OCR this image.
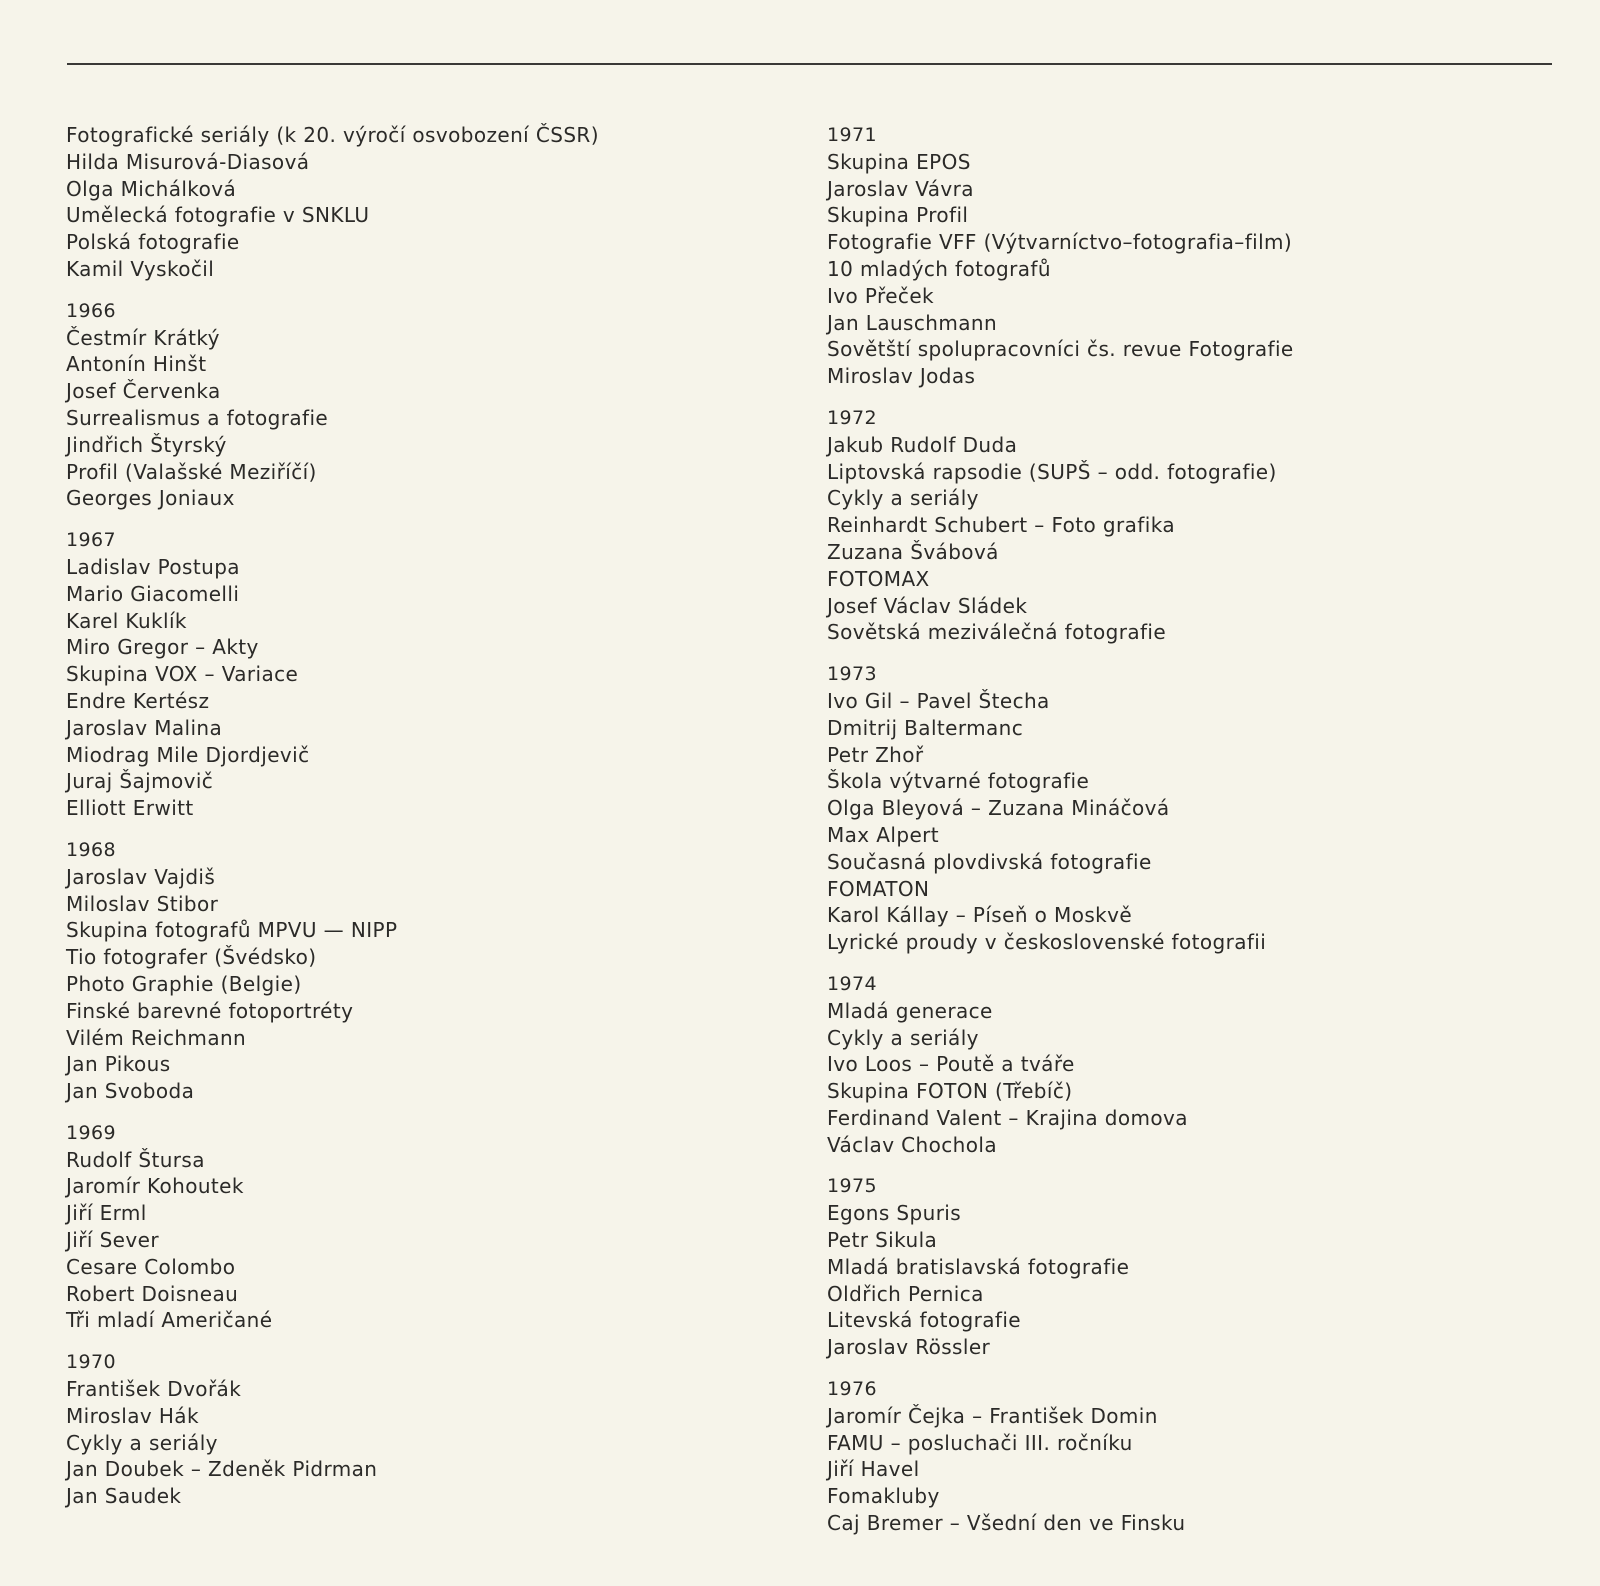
Fotografické seriály (k 20. výročí osvobození ČSSR)
Hilda Misurová-Diasová
Olga Michálková
Umělecká fotografie v SNKLU
Polská fotografie
Kamil Vyskočil
1966
Čestmír Krátký
Antonín Hinšt
Josef Červenka
Surrealismus a fotografie
Jindřich Štyrský
Profil (Valašské Meziříčí)
Georges Joniaux
1967
Ladislav Postupa
Mario Giacomelli
Karel Kuklík
Miro Gregor – Akty
Skupina VOX – Variace
Endre Kertész
Jaroslav Malina
Miodrag Mile Djordjevič
Juraj Šajmovič
Elliott Erwitt
1968
Jaroslav Vajdiš
Miloslav Stibor
Skupina fotografů MPVU — NIPP
Tio fotografer (Švédsko)
Photo Graphie (Belgie)
Finské barevné fotoportréty
Vilém Reichmann
Jan Pikous
Jan Svoboda
1969
Rudolf Štursa
Jaromír Kohoutek
Jiří Erml
Jiří Sever
Cesare Colombo
Robert Doisneau
Tři mladí Američané
1970
František Dvořák
Miroslav Hák
Cykly a seriály
Jan Doubek – Zdeněk Pidrman
Jan Saudek
1971
Skupina EPOS
Jaroslav Vávra
Skupina Profil
Fotografie VFF (Výtvarníctvo–fotografia–film)
10 mladých fotografů
Ivo Přeček
Jan Lauschmann
Sovětští spolupracovníci čs. revue Fotografie
Miroslav Jodas
1972
Jakub Rudolf Duda
Liptovská rapsodie (SUPŠ – odd. fotografie)
Cykly a seriály
Reinhardt Schubert – Foto grafika
Zuzana Švábová
FOTOMAX
Josef Václav Sládek
Sovětská meziválečná fotografie
1973
Ivo Gil – Pavel Štecha
Dmitrij Baltermanc
Petr Zhoř
Škola výtvarné fotografie
Olga Bleyová – Zuzana Mináčová
Max Alpert
Současná plovdivská fotografie
FOMATON
Karol Kállay – Píseň o Moskvě
Lyrické proudy v československé fotografii
1974
Mladá generace
Cykly a seriály
Ivo Loos – Poutě a tváře
Skupina FOTON (Třebíč)
Ferdinand Valent – Krajina domova
Václav Chochola
1975
Egons Spuris
Petr Sikula
Mladá bratislavská fotografie
Oldřich Pernica
Litevská fotografie
Jaroslav Rössler
1976
Jaromír Čejka – František Domin
FAMU – posluchači III. ročníku
Jiří Havel
Fomakluby
Caj Bremer – Všední den ve Finsku
